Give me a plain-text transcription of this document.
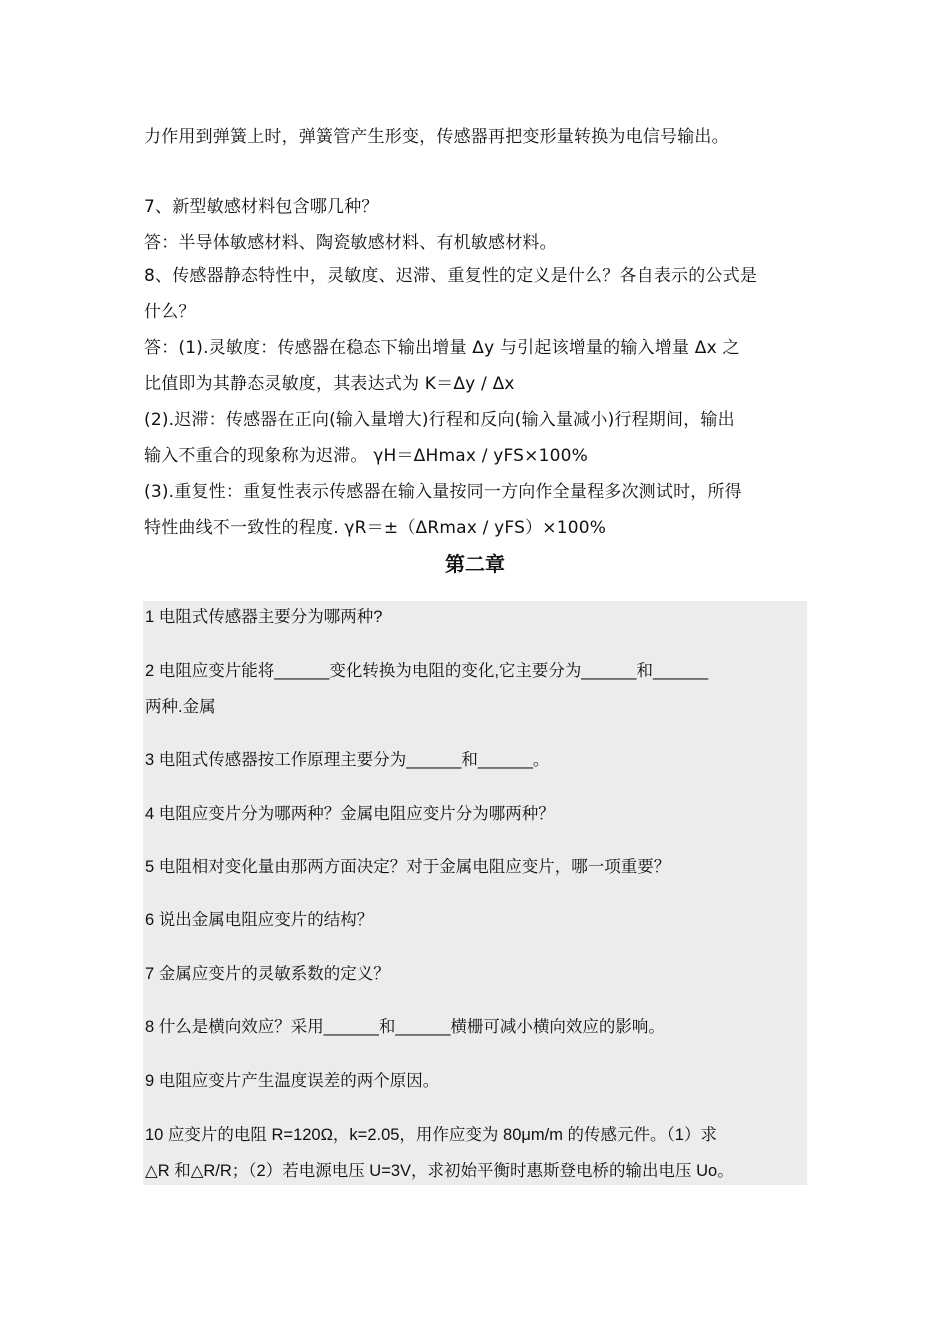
力作用到弹簧上时，弹簧管产生形变，传感器再把变形量转换为电信号输出。
7、新型敏感材料包含哪几种？
答：半导体敏感材料、陶瓷敏感材料、有机敏感材料。
8、传感器静态特性中，灵敏度、迟滞、重复性的定义是什么？各自表示的公式是
什么？
答：(1).灵敏度：传感器在稳态下输出增量 Δy 与引起该增量的输入增量 Δx 之
比值即为其静态灵敏度，其表达式为 K＝Δy / Δx
(2).迟滞：传感器在正向(输入量增大)行程和反向(输入量减小)行程期间，输出
输入不重合的现象称为迟滞。 γH＝ΔHmax / yFS×100%
(3).重复性：重复性表示传感器在输入量按同一方向作全量程多次测试时，所得
特性曲线不一致性的程度. γR＝±（ΔRmax / yFS）×100%
第二章
1 电阻式传感器主要分为哪两种?
2 电阻应变片能将______变化转换为电阻的变化,它主要分为______和______
两种.金属
3 电阻式传感器按工作原理主要分为______和______。
4 电阻应变片分为哪两种？金属电阻应变片分为哪两种？
5 电阻相对变化量由那两方面决定？对于金属电阻应变片，哪一项重要？
6 说出金属电阻应变片的结构？
7 金属应变片的灵敏系数的定义？
8 什么是横向效应？采用______和______横栅可减小横向效应的影响。
9 电阻应变片产生温度误差的两个原因。
10 应变片的电阻 R=120Ω，k=2.05，用作应变为 80μm/m 的传感元件。（1）求
△R 和△R/R；（2）若电源电压 U=3V，求初始平衡时惠斯登电桥的输出电压 Uo。
